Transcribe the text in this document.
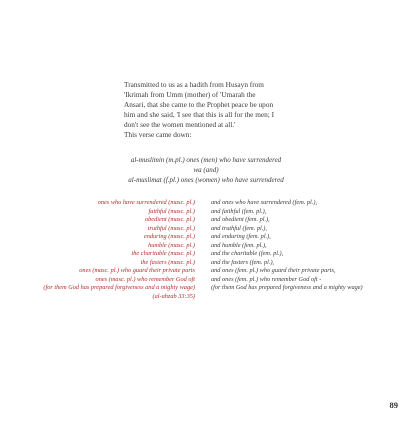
Transmitted to us as a hadith from Husayn from

'Ikrimah from Umm (mother) of 'Umarah the

Ansari, that she came to the Prophet peace be upon

him and she said, 'I see that this is all for the men; I

don't see the women mentioned at all.'

This verse came down:

al-muslimin (m.pl.) ones (men) who have surrendered
wa (and)
al-muslimat (f.pl.) ones (women) who have surrendered
ones who have surrendered (masc. pl.)
faithful (masc. pl.)
obedient (masc. pl.)
truthful (masc. pl.)
enduring (masc. pl.)
humble (masc. pl.)
the charitable (masc. pl.)
the fasters (masc. pl.)
ones (masc. pl.) who guard their private parts
ones (masc. pl.) who remember God oft
(for them God has prepared forgiveness and a mighty wage)
(al-ahzab 33:35)
and ones who have surrendered (fem. pl.),
and faithful (fem. pl.),
and obedient (fem. pl.),
and truthful (fem. pl.),
and enduring (fem. pl.),
and humble (fem. pl.),
and the charitable (fem. pl.),
and the fasters (fem. pl.),
and ones (fem. pl.) who guard their private parts,
and ones (fem. pl.) who remember God oft -
(for them God has prepared forgiveness and a mighty wage)
89
